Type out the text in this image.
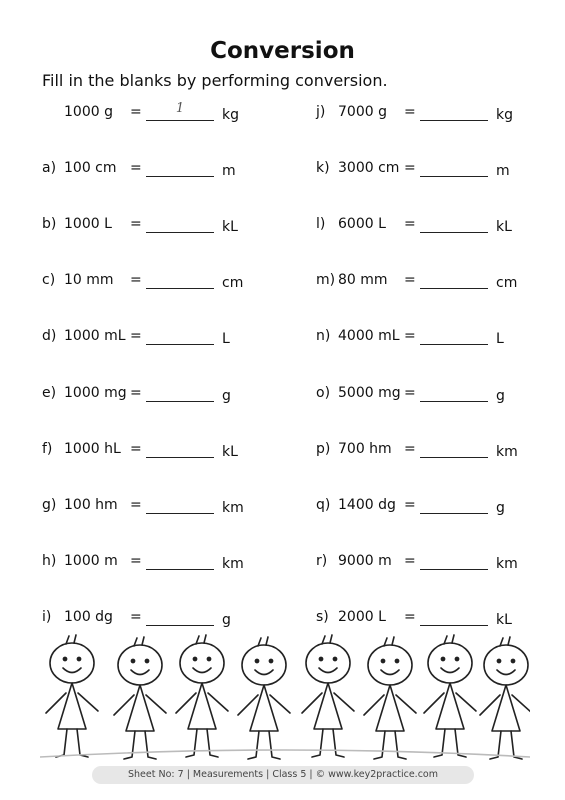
Conversion
Fill in the blanks by performing conversion.
1000 g =	1	kg
a) 100 cm =	m
b) 1000 L =	kL
c) 10 mm =	cm
d) 1000 mL =	L
e) 1000 mg =	g
f) 1000 hL =	kL
g) 100 hm =	km
h) 1000 m =	km
i) 100 dg =	g
j) 7000 g =	kg
k) 3000 cm =	m
l) 6000 L =	kL
m) 80 mm =	cm
n) 4000 mL =	L
o) 5000 mg =	g
p) 700 hm =	km
q) 1400 dg =	g
r) 9000 m =	km
s) 2000 L =	kL
Sheet No: 7 | Measurements | Class 5 | © www.key2practice.com
